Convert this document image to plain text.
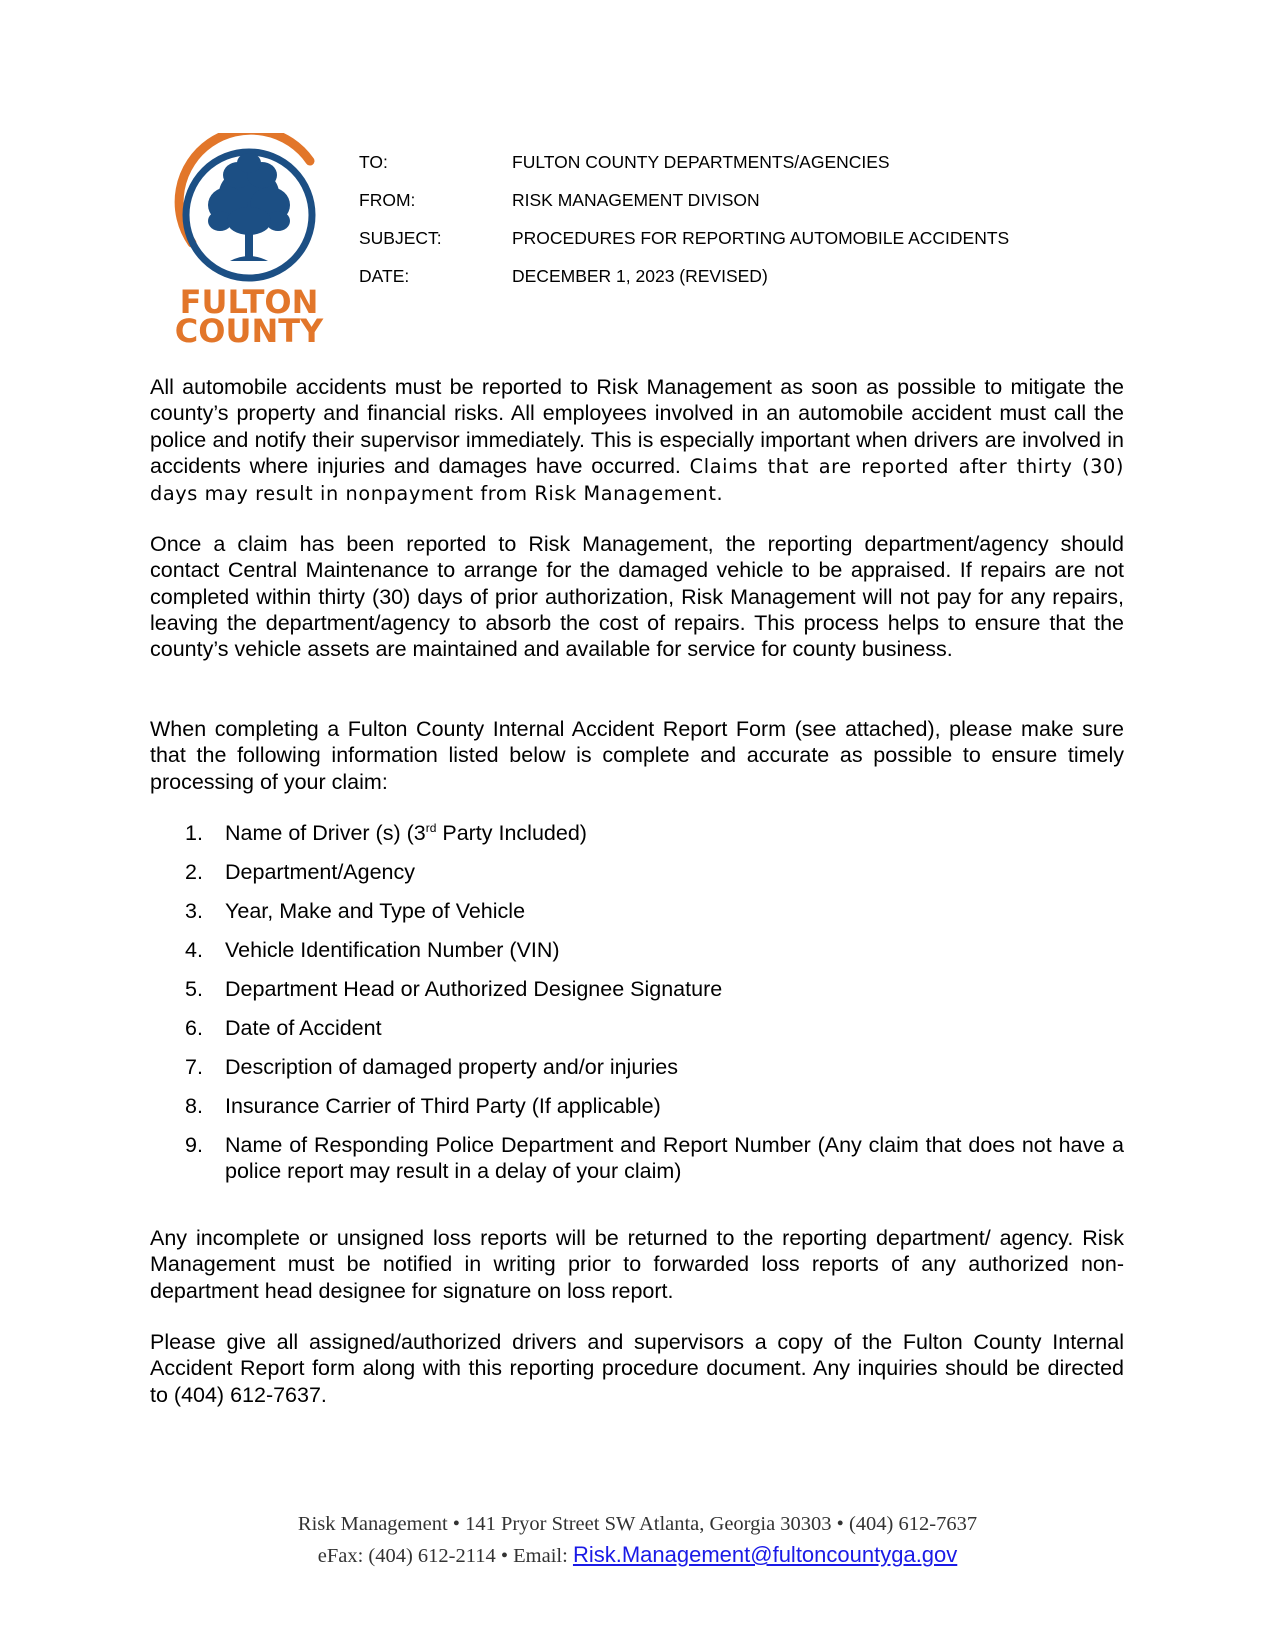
FULTON
COUNTY
TO:	FULTON COUNTY DEPARTMENTS/AGENCIES
FROM:	RISK MANAGEMENT DIVISON
SUBJECT:	PROCEDURES FOR REPORTING AUTOMOBILE ACCIDENTS
DATE:	DECEMBER 1, 2023 (REVISED)

All automobile accidents must be reported to Risk Management as soon as possible to mitigate the county’s property and financial risks. All employees involved in an automobile accident must call the police and notify their supervisor immediately. This is especially important when drivers are involved in accidents where injuries and damages have occurred. Claims that are reported after thirty (30) days may result in nonpayment from Risk Management.

Once a claim has been reported to Risk Management, the reporting department/agency should contact Central Maintenance to arrange for the damaged vehicle to be appraised. If repairs are not completed within thirty (30) days of prior authorization, Risk Management will not pay for any repairs, leaving the department/agency to absorb the cost of repairs. This process helps to ensure that the county’s vehicle assets are maintained and available for service for county business.

When completing a Fulton County Internal Accident Report Form (see attached), please make sure that the following information listed below is complete and accurate as possible to ensure timely processing of your claim:

1.	Name of Driver (s) (3rd Party Included)
2.	Department/Agency
3.	Year, Make and Type of Vehicle
4.	Vehicle Identification Number (VIN)
5.	Department Head or Authorized Designee Signature
6.	Date of Accident
7.	Description of damaged property and/or injuries
8.	Insurance Carrier of Third Party (If applicable)
9.	Name of Responding Police Department and Report Number (Any claim that does not have a police report may result in a delay of your claim)

Any incomplete or unsigned loss reports will be returned to the reporting department/ agency. Risk Management must be notified in writing prior to forwarded loss reports of any authorized non-department head designee for signature on loss report.

Please give all assigned/authorized drivers and supervisors a copy of the Fulton County Internal Accident Report form along with this reporting procedure document. Any inquiries should be directed to (404) 612-7637.

Risk Management • 141 Pryor Street SW Atlanta, Georgia 30303 • (404) 612-7637
eFax: (404) 612-2114 • Email: Risk.Management@fultoncountyga.gov
